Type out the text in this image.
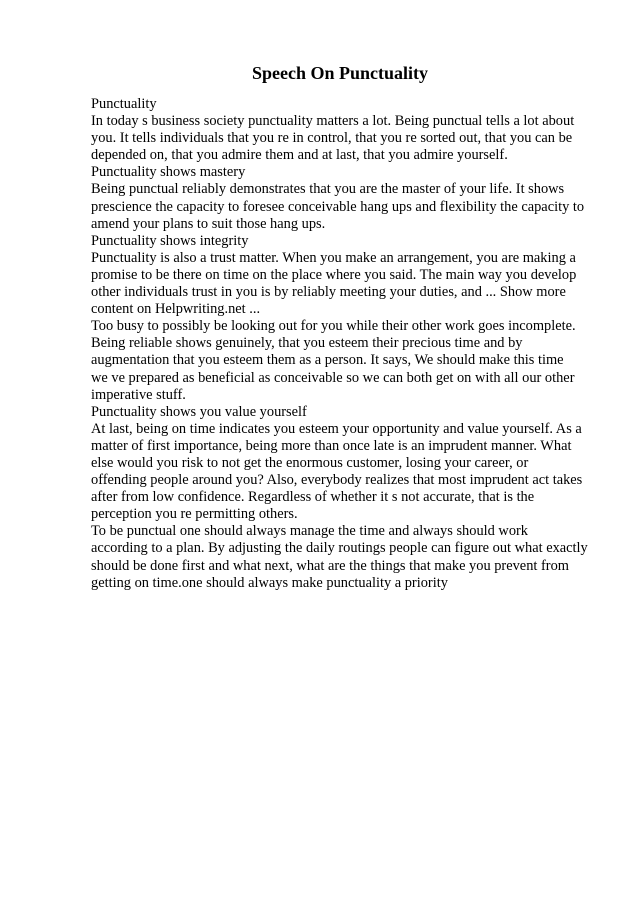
Speech On Punctuality
Punctuality
In today s business society punctuality matters a lot. Being punctual tells a lot about
you. It tells individuals that you re in control, that you re sorted out, that you can be
depended on, that you admire them and at last, that you admire yourself.
Punctuality shows mastery
Being punctual reliably demonstrates that you are the master of your life. It shows
prescience the capacity to foresee conceivable hang ups and flexibility the capacity to
amend your plans to suit those hang ups.
Punctuality shows integrity
Punctuality is also a trust matter. When you make an arrangement, you are making a
promise to be there on time on the place where you said. The main way you develop
other individuals trust in you is by reliably meeting your duties, and ... Show more
content on Helpwriting.net ...
Too busy to possibly be looking out for you while their other work goes incomplete.
Being reliable shows genuinely, that you esteem their precious time and by
augmentation that you esteem them as a person. It says, We should make this time
we ve prepared as beneficial as conceivable so we can both get on with all our other
imperative stuff.
Punctuality shows you value yourself
At last, being on time indicates you esteem your opportunity and value yourself. As a
matter of first importance, being more than once late is an imprudent manner. What
else would you risk to not get the enormous customer, losing your career, or
offending people around you? Also, everybody realizes that most imprudent act takes
after from low confidence. Regardless of whether it s not accurate, that is the
perception you re permitting others.
To be punctual one should always manage the time and always should work
according to a plan. By adjusting the daily routings people can figure out what exactly
should be done first and what next, what are the things that make you prevent from
getting on time.one should always make punctuality a priority
